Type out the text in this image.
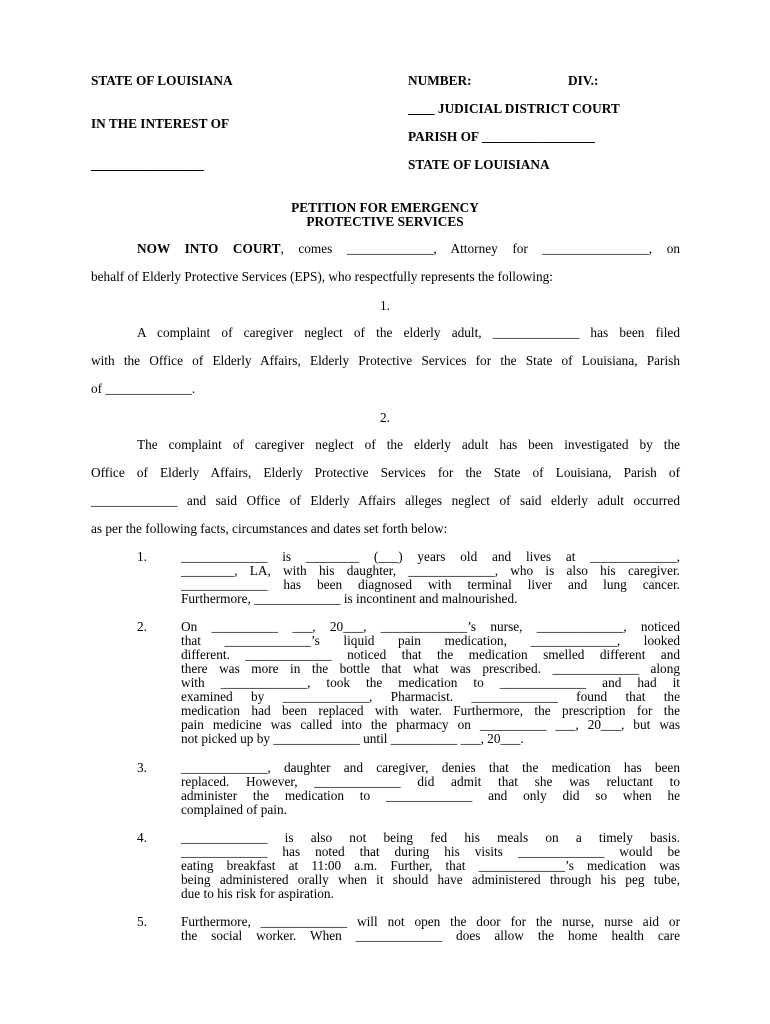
STATE OF LOUISIANA	NUMBER:	DIV.:
____ JUDICIAL DISTRICT COURT
IN THE INTEREST OF
PARISH OF _________________
_________________	STATE OF LOUISIANA
PETITION FOR EMERGENCY
PROTECTIVE SERVICES
NOW INTO COURT, comes _____________, Attorney for ________________, on
behalf of Elderly Protective Services (EPS), who respectfully represents the following:
1.
A complaint of caregiver neglect of the elderly adult, _____________ has been filed
with the Office of Elderly Affairs, Elderly Protective Services for the State of Louisiana, Parish
of _____________.
2.
The complaint of caregiver neglect of the elderly adult has been investigated by the
Office of Elderly Affairs, Elderly Protective Services for the State of Louisiana, Parish of
_____________ and said Office of Elderly Affairs alleges neglect of said elderly adult occurred
as per the following facts, circumstances and dates set forth below:
1.	_____________ is ________ (___) years old and lives at _____________,
________, LA, with his daughter, _____________, who is also his caregiver.
_____________ has been diagnosed with terminal liver and lung cancer.
Furthermore, _____________ is incontinent and malnourished.
2.	On __________ ___, 20___, _____________’s nurse, _____________, noticed
that _____________’s liquid pain medication, _____________, looked
different. _____________ noticed that the medication smelled different and
there was more in the bottle that what was prescribed. _____________ along
with _____________, took the medication to _____________ and had it
examined by _____________, Pharmacist. _____________ found that the
medication had been replaced with water. Furthermore, the prescription for the
pain medicine was called into the pharmacy on __________ ___, 20___, but was
not picked up by _____________ until __________ ___, 20___.
3.	_____________, daughter and caregiver, denies that the medication has been
replaced. However, _____________ did admit that she was reluctant to
administer the medication to _____________ and only did so when he
complained of pain.
4.	_____________ is also not being fed his meals on a timely basis.
_____________ has noted that during his visits _____________ would be
eating breakfast at 11:00 a.m. Further, that _____________’s medication was
being administered orally when it should have administered through his peg tube,
due to his risk for aspiration.
5.	Furthermore, _____________ will not open the door for the nurse, nurse aid or
the social worker. When _____________ does allow the home health care
